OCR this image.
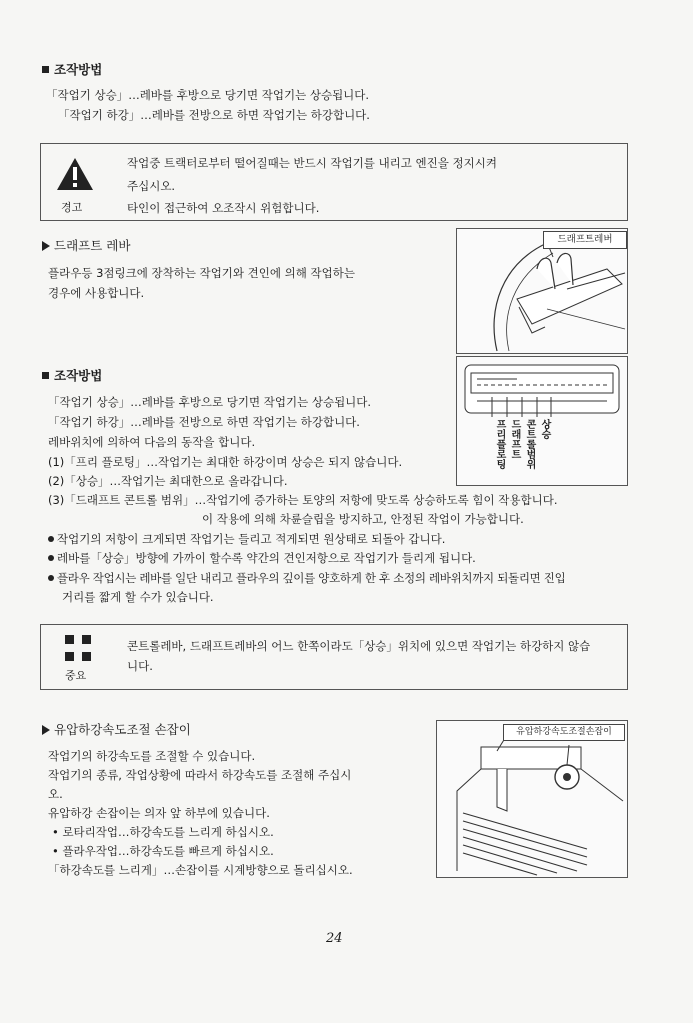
조작방법
「작업기 상승」…레바를 후방으로 당기면 작업기는 상승됩니다.
「작업기 하강」…레바를 전방으로 하면 작업기는 하강합니다.
경고
작업중 트랙터로부터 떨어질때는 반드시 작업기를 내리고 엔진을 정지시켜
주십시오.
타인이 접근하여 오조작시 위험합니다.
드래프트 레바
플라우등 3점링크에 장착하는 작업기와 견인에 의해 작업하는
경우에 사용합니다.
드래프트레버
조작방법
「작업기 상승」…레바를 후방으로 당기면 작업기는 상승됩니다.
「작업기 하강」…레바를 전방으로 하면 작업기는 하강합니다.
레바위치에 의하여 다음의 동작을 합니다.
(1)「프리 플로팅」…작업기는 최대한 하강이며 상승은 되지 않습니다.
(2)「상승」…작업기는 최대한으로 올라갑니다.
(3)「드래프트 콘트롤 범위」…작업기에 증가하는 토양의 저항에 맞도록 상승하도록 힘이 작용합니다.
이 작용에 의해 차륜슬립을 방지하고, 안정된 작업이 가능합니다.
작업기의 저항이 크게되면 작업기는 들리고 적게되면 원상태로 되돌아 갑니다.
레바를「상승」방향에 가까이 할수록 약간의 견인저항으로 작업기가 들리게 됩니다.
플라우 작업시는 레바를 일단 내리고 플라우의 깊이를 양호하게 한 후 소정의 레바위치까지 되돌리면 진입
거리를 짧게 할 수가 있습니다.
프리플로팅 드래프트 콘트롤범위 상승
중요
콘트롤레바, 드래프트레바의 어느 한쪽이라도「상승」위치에 있으면 작업기는 하강하지 않습
니다.
유압하강속도조절 손잡이
작업기의 하강속도를 조절할 수 있습니다.
작업기의 종류, 작업상황에 따라서 하강속도를 조절해 주십시
오.
유압하강 손잡이는 의자 앞 하부에 있습니다.
• 로타리작업…하강속도를 느리게 하십시오.
• 플라우작업…하강속도를 빠르게 하십시오.
「하강속도를 느리게」…손잡이를 시계방향으로 돌리십시오.
유압하강속도조절손잡이
24
